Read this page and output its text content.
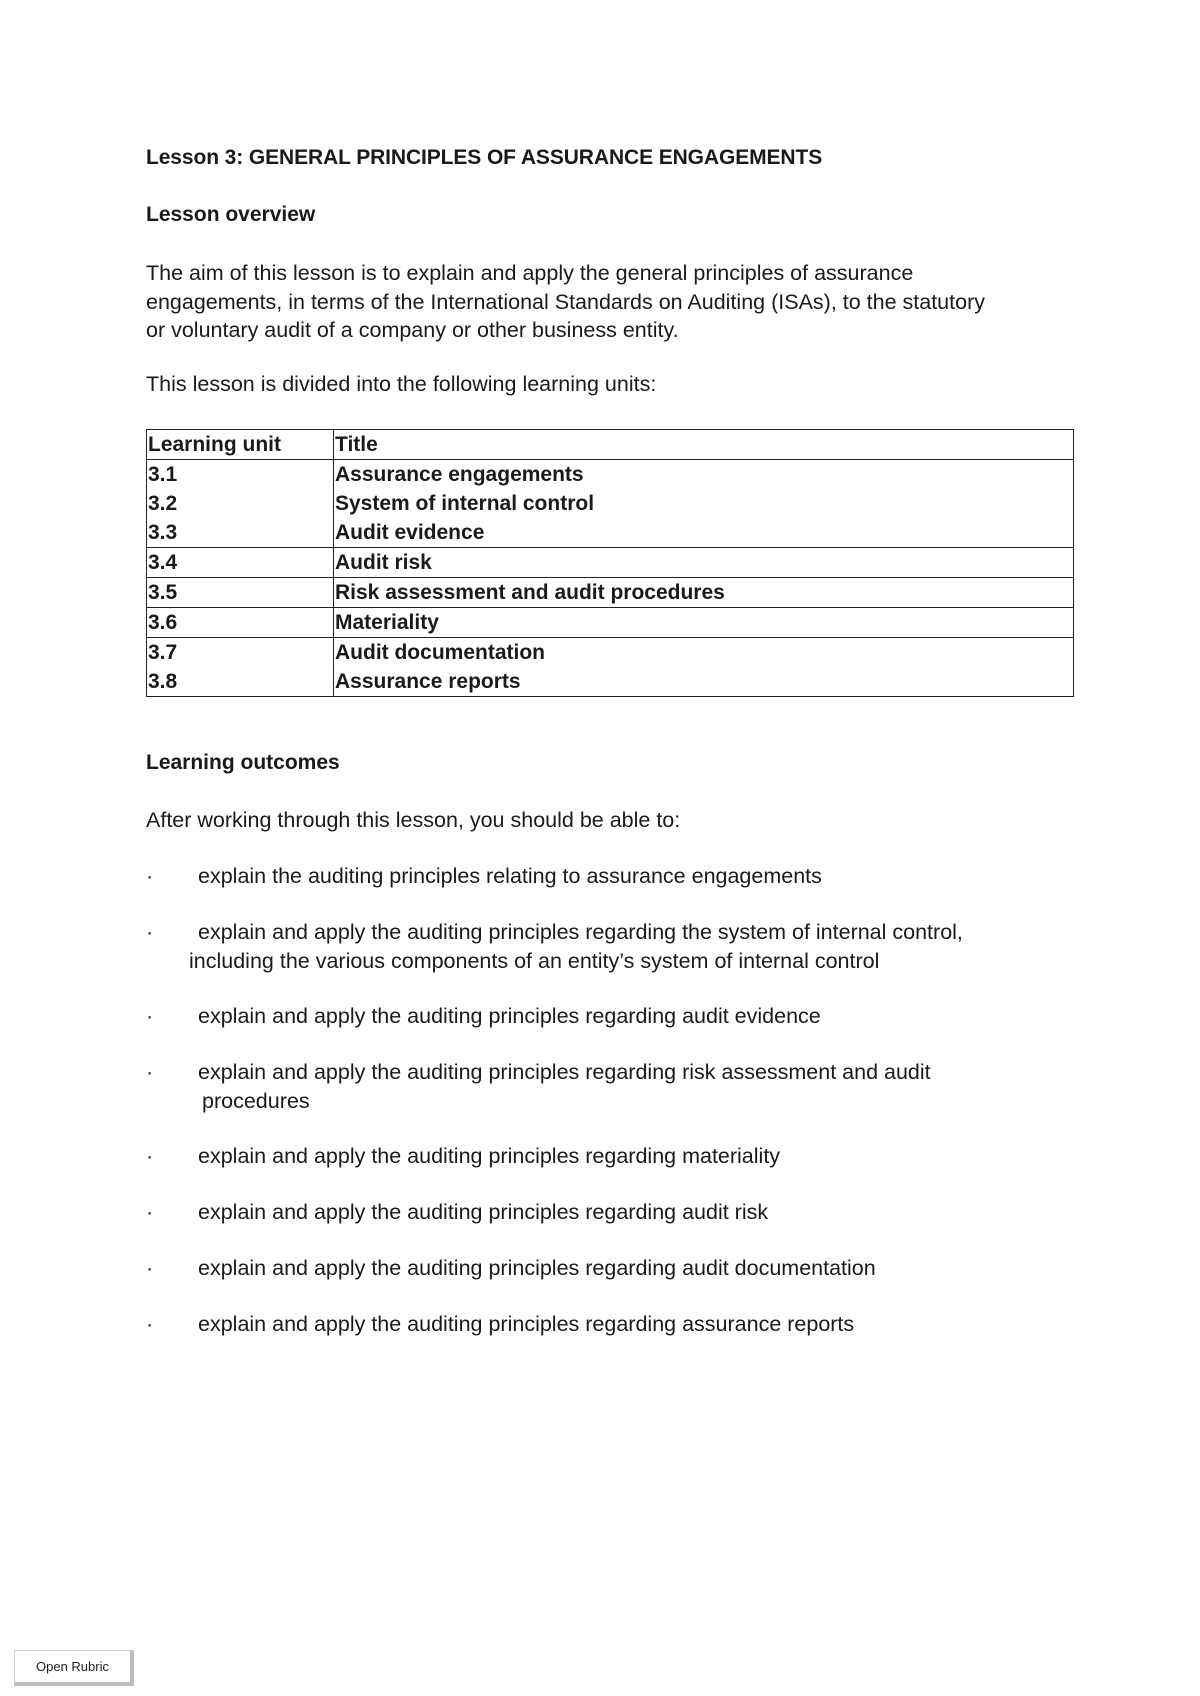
Lesson 3: GENERAL PRINCIPLES OF ASSURANCE ENGAGEMENTS
Lesson overview
The aim of this lesson is to explain and apply the general principles of assurance
engagements, in terms of the International Standards on Auditing (ISAs), to the statutory
or voluntary audit of a company or other business entity.
This lesson is divided into the following learning units:
Learning unit	Title
3.1	Assurance engagements
3.2	System of internal control
3.3	Audit evidence
3.4	Audit risk
3.5	Risk assessment and audit procedures
3.6	Materiality
3.7	Audit documentation
3.8	Assurance reports
Learning outcomes
After working through this lesson, you should be able to:
· explain the auditing principles relating to assurance engagements
· explain and apply the auditing principles regarding the system of internal control,
including the various components of an entity’s system of internal control
· explain and apply the auditing principles regarding audit evidence
· explain and apply the auditing principles regarding risk assessment and audit
procedures
· explain and apply the auditing principles regarding materiality
· explain and apply the auditing principles regarding audit risk
· explain and apply the auditing principles regarding audit documentation
· explain and apply the auditing principles regarding assurance reports
Open Rubric
